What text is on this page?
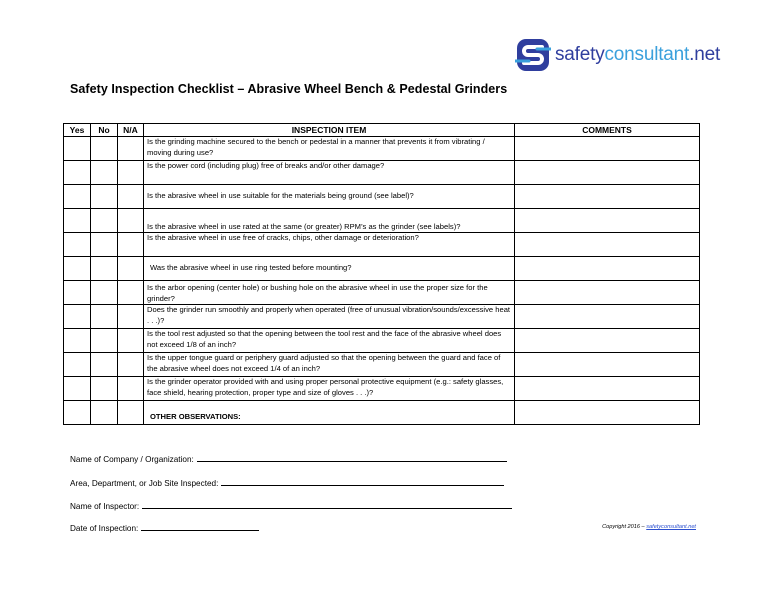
safetyconsultant.net
Safety Inspection Checklist – Abrasive Wheel Bench & Pedestal Grinders
Yes	No	N/A	INSPECTION ITEM	COMMENTS
			Is the grinding machine secured to the bench or pedestal in a manner that prevents it from vibrating / moving during use?	
			Is the power cord (including plug) free of breaks and/or other damage?	
			Is the abrasive wheel in use suitable for the materials being ground (see label)?	
			Is the abrasive wheel in use rated at the same (or greater) RPM’s as the grinder (see labels)?	
			Is the abrasive wheel in use free of cracks, chips, other damage or deterioration?	
			Was the abrasive wheel in use ring tested before mounting?	
			Is the arbor opening (center hole) or bushing hole on the abrasive wheel in use the proper size for the grinder?	
			Does the grinder run smoothly and properly when operated (free of unusual vibration/sounds/excessive heat . . .)?	
			Is the tool rest adjusted so that the opening between the tool rest and the face of the abrasive wheel does not exceed 1/8 of an inch?	
			Is the upper tongue guard or periphery guard adjusted so that the opening between the guard and face of the abrasive wheel does not exceed 1/4 of an inch?	
			Is the grinder operator provided with and using proper personal protective equipment (e.g.: safety glasses, face shield, hearing protection, proper type and size of gloves . . .)?	
			OTHER OBSERVATIONS:	
Name of Company / Organization:
Area, Department, or Job Site Inspected:
Name of Inspector:
Date of Inspection:	Copyright 2016 – safetyconsultant.net
